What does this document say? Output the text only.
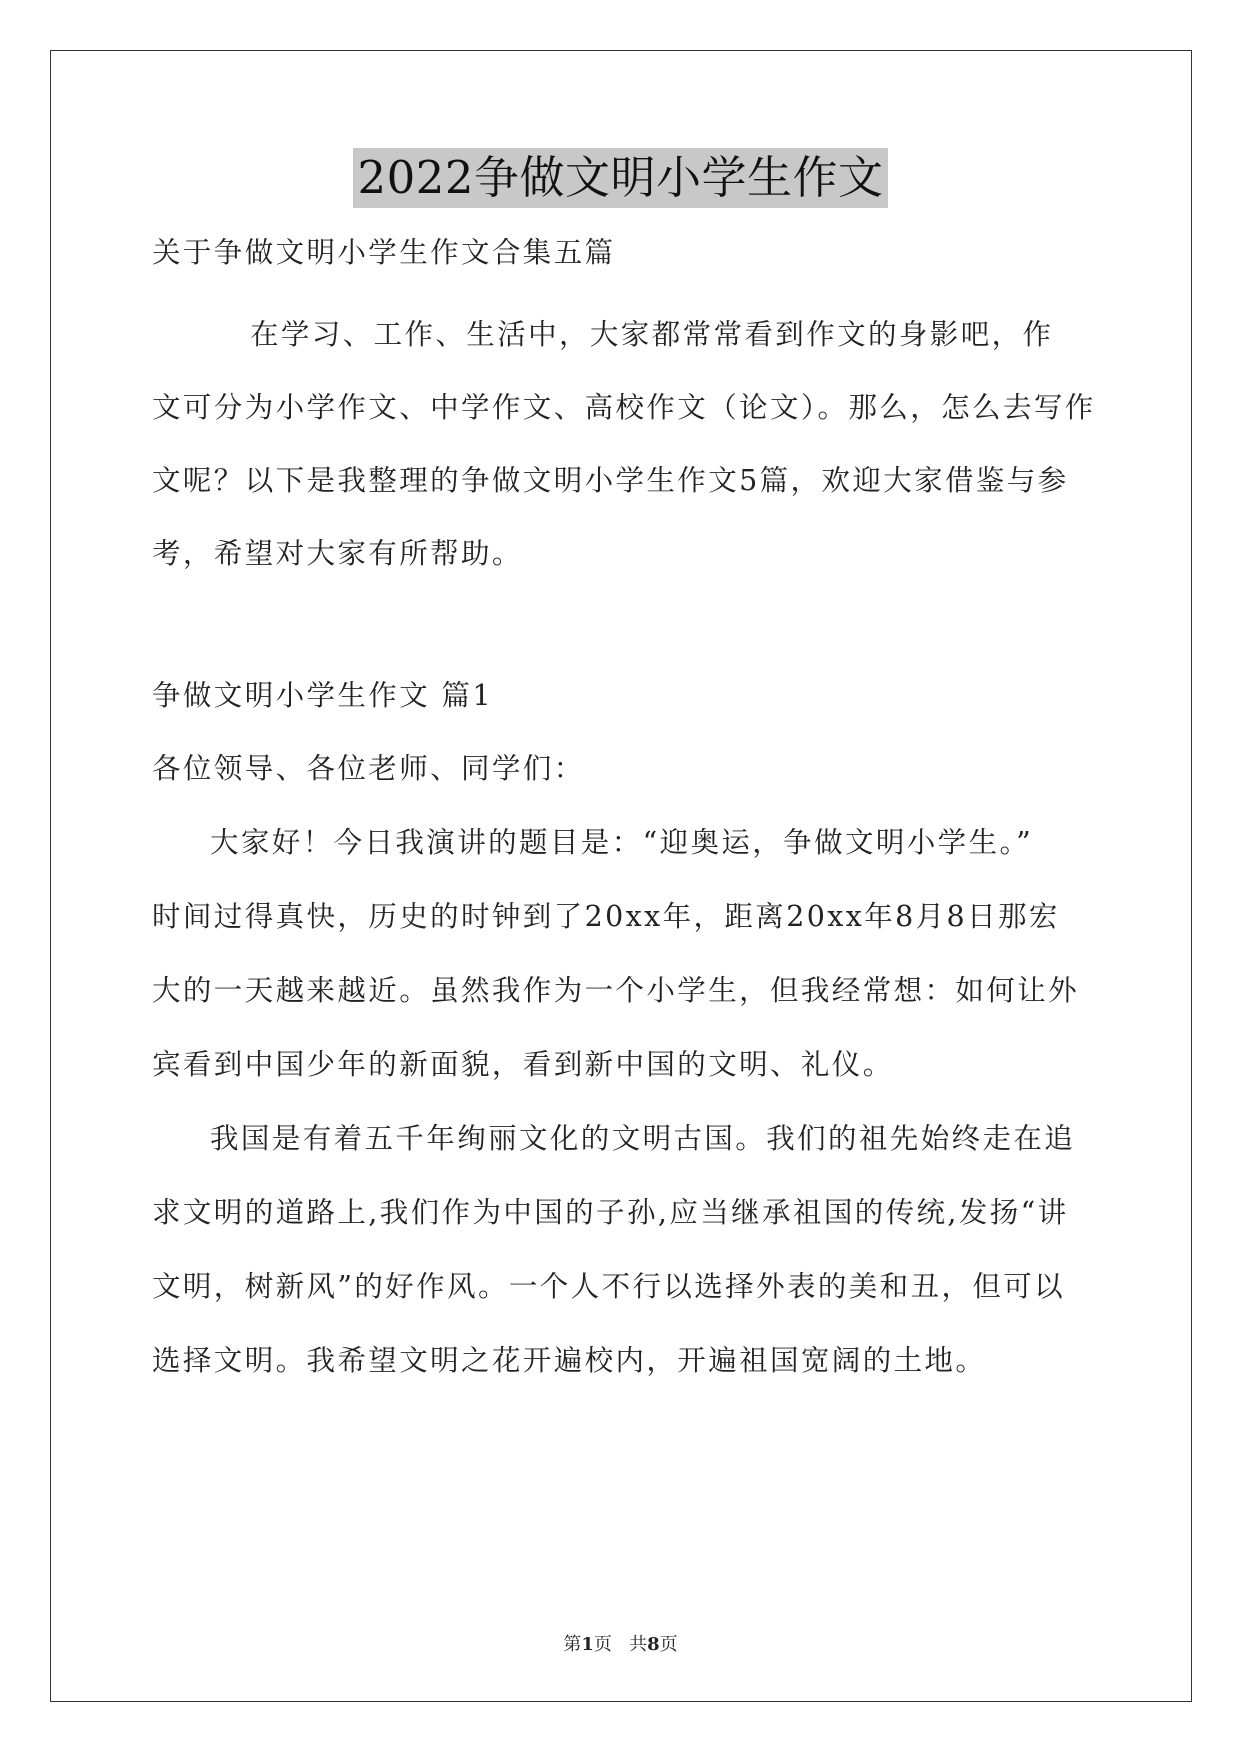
2022争做文明小学生作文
关于争做文明小学生作文合集五篇
在学习、工作、生活中，大家都常常看到作文的身影吧，作
文可分为小学作文、中学作文、高校作文（论文）。那么，怎么去写作
文呢？以下是我整理的争做文明小学生作文5篇，欢迎大家借鉴与参
考，希望对大家有所帮助。
争做文明小学生作文 篇1
各位领导、各位老师、同学们：
大家好！今日我演讲的题目是：“迎奥运，争做文明小学生。”
时间过得真快，历史的时钟到了20xx年，距离20xx年8月8日那宏
大的一天越来越近。虽然我作为一个小学生，但我经常想：如何让外
宾看到中国少年的新面貌，看到新中国的文明、礼仪。
我国是有着五千年绚丽文化的文明古国。我们的祖先始终走在追
求文明的道路上,我们作为中国的子孙,应当继承祖国的传统,发扬“讲
文明，树新风”的好作风。一个人不行以选择外表的美和丑，但可以
选择文明。我希望文明之花开遍校内，开遍祖国宽阔的土地。
第1页   共8页
